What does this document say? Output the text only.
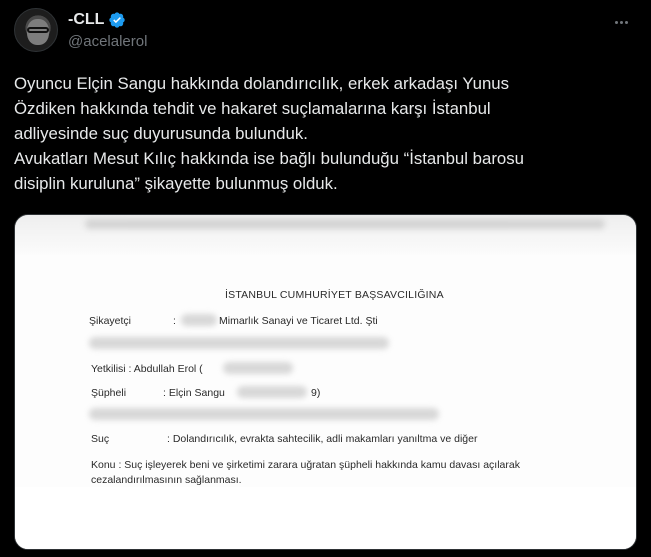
-CLL
@acelalerol

Oyuncu Elçin Sangu hakkında dolandırıcılık, erkek arkadaşı Yunus

Özdiken hakkında tehdit ve hakaret suçlamalarına karşı İstanbul

adliyesinde suç duyurusunda bulunduk.

Avukatları Mesut Kılıç hakkında ise bağlı bulunduğu “İstanbul barosu

disiplin kuruluna” şikayette bulunmuş olduk.

İSTANBUL CUMHURİYET BAŞSAVCILIĞINA
Şikayetçi	:	Mimarlık Sanayi ve Ticaret Ltd. Şti
Yetkilisi : Abdullah Erol (
Şüpheli	: Elçin Sangu	9)
Suç	: Dolandırıcılık, evrakta sahtecilik, adli makamları yanıltma ve diğer
Konu : Suç işleyerek beni ve şirketimi zarara uğratan şüpheli hakkında kamu davası açılarak
cezalandırılmasının sağlanması.
